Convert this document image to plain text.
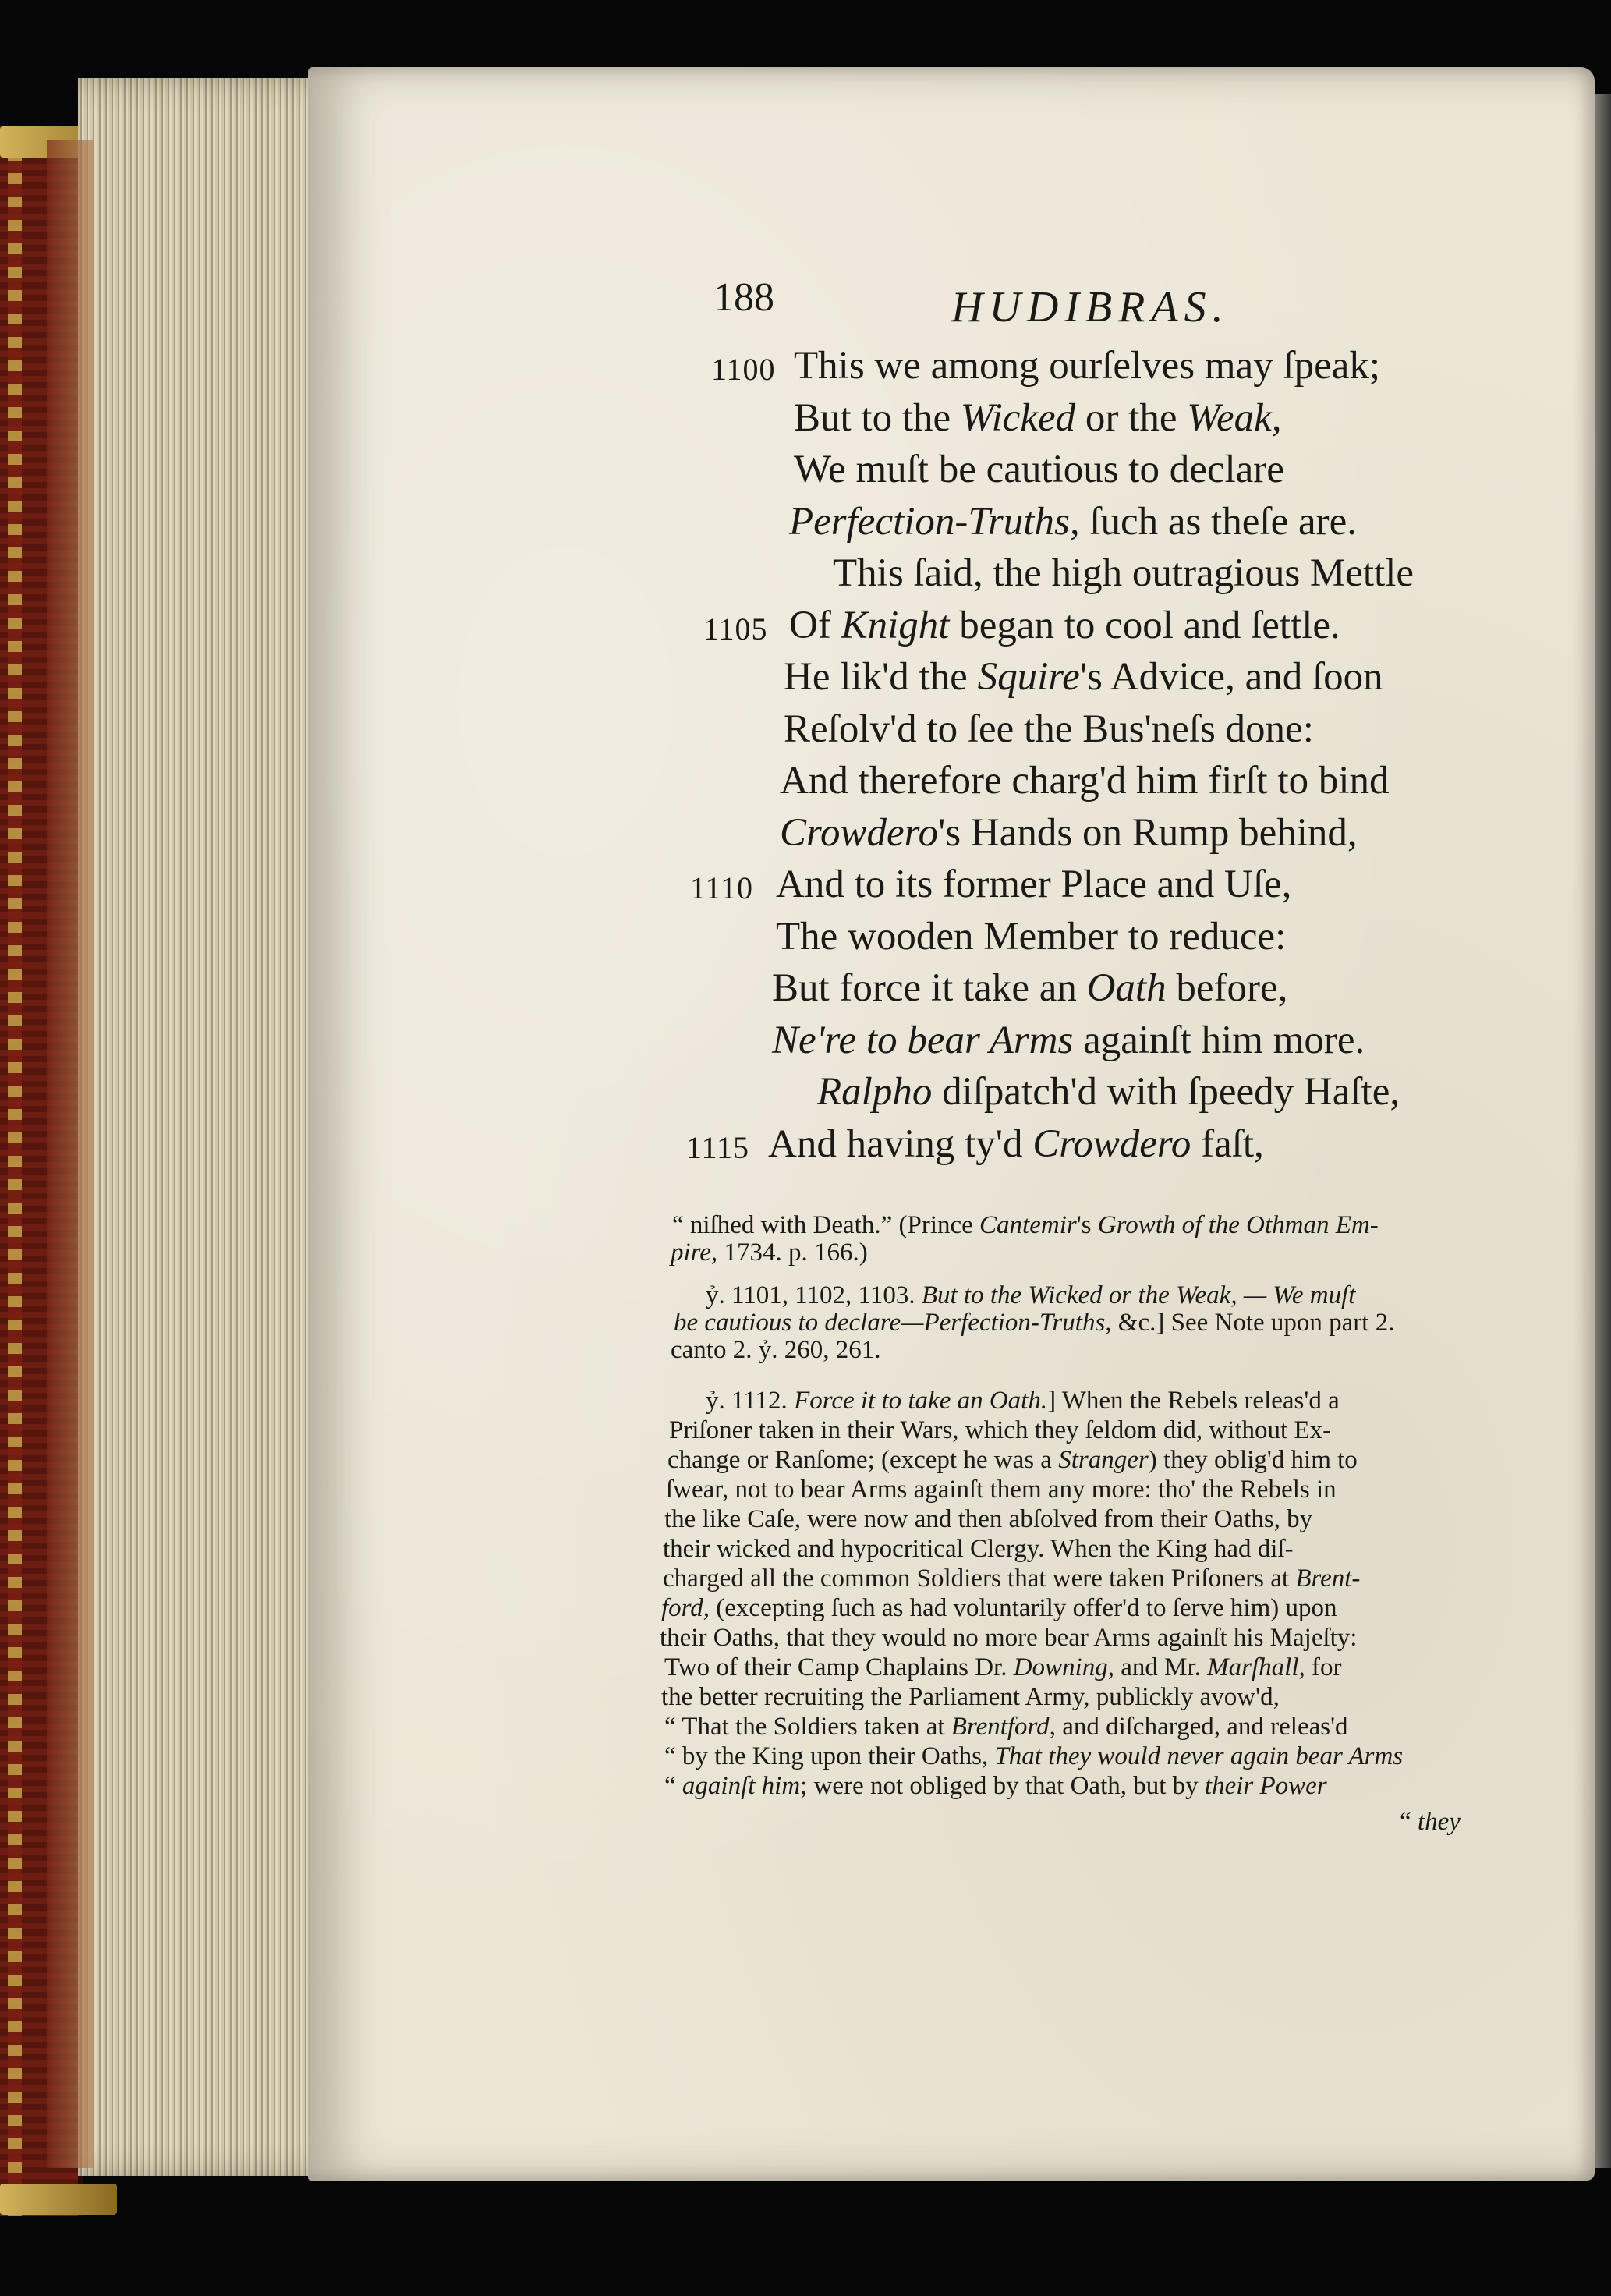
188	HUDIBRAS.
This we among ourſelves may ſpeak;
1100
But to the Wicked or the Weak,
We muſt be cautious to declare
Perfection-Truths, ſuch as theſe are.
This ſaid, the high outragious Mettle
Of Knight began to cool and ſettle.
1105
He lik'd the Squire's Advice, and ſoon
Reſolv'd to ſee the Bus'neſs done:
And therefore charg'd him firſt to bind
Crowdero's Hands on Rump behind,
And to its former Place and Uſe,
1110
The wooden Member to reduce:
But force it take an Oath before,
Ne're to bear Arms againſt him more.
Ralpho diſpatch'd with ſpeedy Haſte,
And having ty'd Crowdero faſt,
1115
“ niſhed with Death.” (Prince Cantemir's Growth of the Othman Em-
pire, 1734. p. 166.)
ỷ. 1101, 1102, 1103. But to the Wicked or the Weak, — We muſt
be cautious to declare—Perfection-Truths, &c.] See Note upon part 2.
canto 2. ỷ. 260, 261.
ỷ. 1112. Force it to take an Oath.] When the Rebels releas'd a
Priſoner taken in their Wars, which they ſeldom did, without Ex-
change or Ranſome; (except he was a Stranger) they oblig'd him to
ſwear, not to bear Arms againſt them any more: tho' the Rebels in
the like Caſe, were now and then abſolved from their Oaths, by
their wicked and hypocritical Clergy. When the King had diſ-
charged all the common Soldiers that were taken Priſoners at Brent-
ford, (excepting ſuch as had voluntarily offer'd to ſerve him) upon
their Oaths, that they would no more bear Arms againſt his Majeſty:
Two of their Camp Chaplains Dr. Downing, and Mr. Marſhall, for
the better recruiting the Parliament Army, publickly avow'd,
“ That the Soldiers taken at Brentford, and diſcharged, and releas'd
“ by the King upon their Oaths, That they would never again bear Arms
“ againſt him; were not obliged by that Oath, but by their Power
“ they
